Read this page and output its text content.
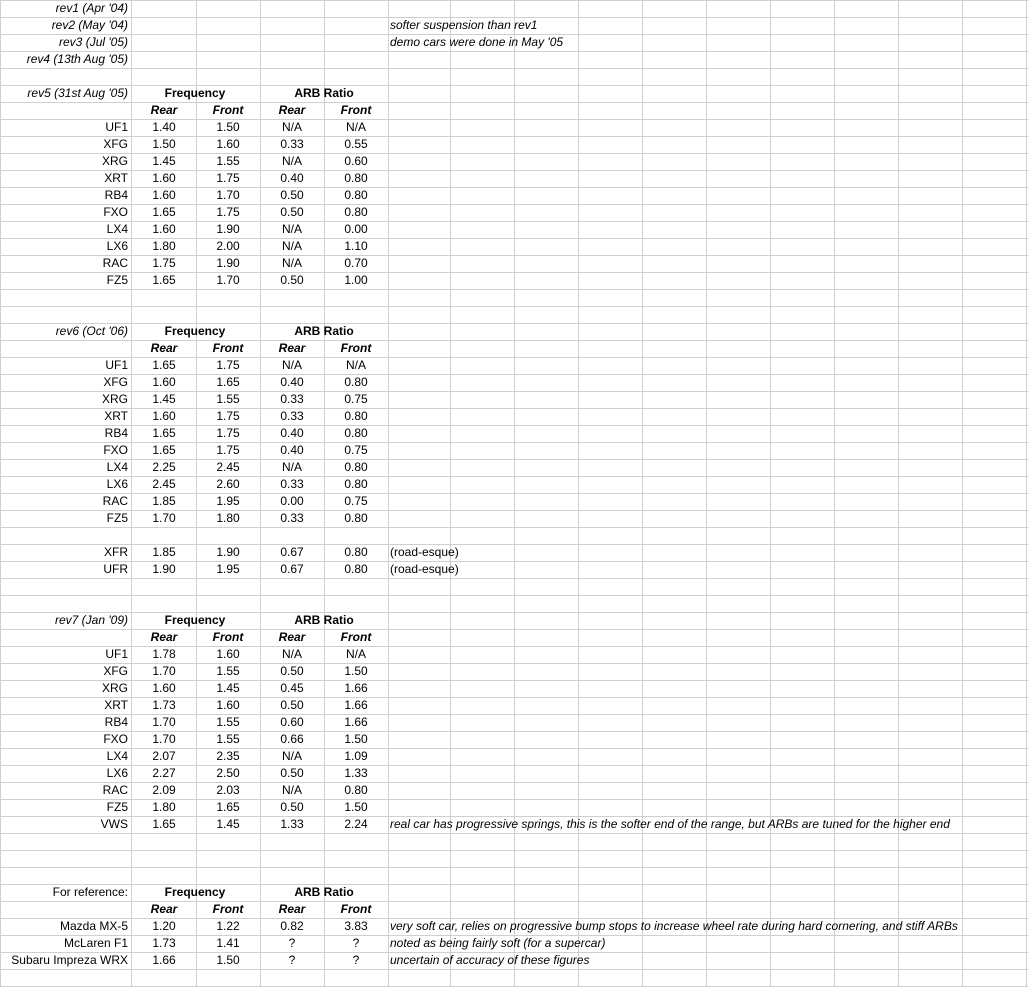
rev1 (Apr '04)
rev2 (May '04)	softer suspension than rev1
rev3 (Jul '05)	demo cars were done in May '05
rev4 (13th Aug '05)
rev5 (31st Aug '05)	Frequency	ARB Ratio
Rear	Front	Rear	Front
UF1 1.40	1.50	N/A	N/A
XFG 1.50	1.60	0.33	0.55
XRG 1.45	1.55	N/A	0.60
XRT 1.60	1.75	0.40	0.80
RB4 1.60	1.70	0.50	0.80
FXO 1.65	1.75	0.50	0.80
LX4 1.60	1.90	N/A	0.00
LX6 1.80	2.00	N/A	1.10
RAC 1.75	1.90	N/A	0.70
FZ5 1.65	1.70	0.50	1.00
rev6 (Oct '06)	Frequency	ARB Ratio
Rear	Front	Rear	Front
UF1 1.65	1.75	N/A	N/A
XFG 1.60	1.65	0.40	0.80
XRG 1.45	1.55	0.33	0.75
XRT 1.60	1.75	0.33	0.80
RB4 1.65	1.75	0.40	0.80
FXO 1.65	1.75	0.40	0.75
LX4 2.25	2.45	N/A	0.80
LX6 2.45	2.60	0.33	0.80
RAC 1.85	1.95	0.00	0.75
FZ5 1.70	1.80	0.33	0.80
XFR 1.85	1.90	0.67	0.80	(road-esque)
UFR 1.90	1.95	0.67	0.80	(road-esque)
rev7 (Jan '09)	Frequency	ARB Ratio
Rear	Front	Rear	Front
UF1 1.78	1.60	N/A	N/A
XFG 1.70	1.55	0.50	1.50
XRG 1.60	1.45	0.45	1.66
XRT 1.73	1.60	0.50	1.66
RB4 1.70	1.55	0.60	1.66
FXO 1.70	1.55	0.66	1.50
LX4 2.07	2.35	N/A	1.09
LX6 2.27	2.50	0.50	1.33
RAC 2.09	2.03	N/A	0.80
FZ5 1.80	1.65	0.50	1.50
VWS 1.65	1.45	1.33	2.24	real car has progressive springs, this is the softer end of the range, but ARBs are tuned for the higher end
For reference:	Frequency	ARB Ratio
Rear	Front	Rear	Front
Mazda MX-5 1.20	1.22	0.82	3.83	very soft car, relies on progressive bump stops to increase wheel rate during hard cornering, and stiff ARBs
McLaren F1 1.73	1.41	?	?	noted as being fairly soft (for a supercar)
Subaru Impreza WRX 1.66	1.50	?	?	uncertain of accuracy of these figures
